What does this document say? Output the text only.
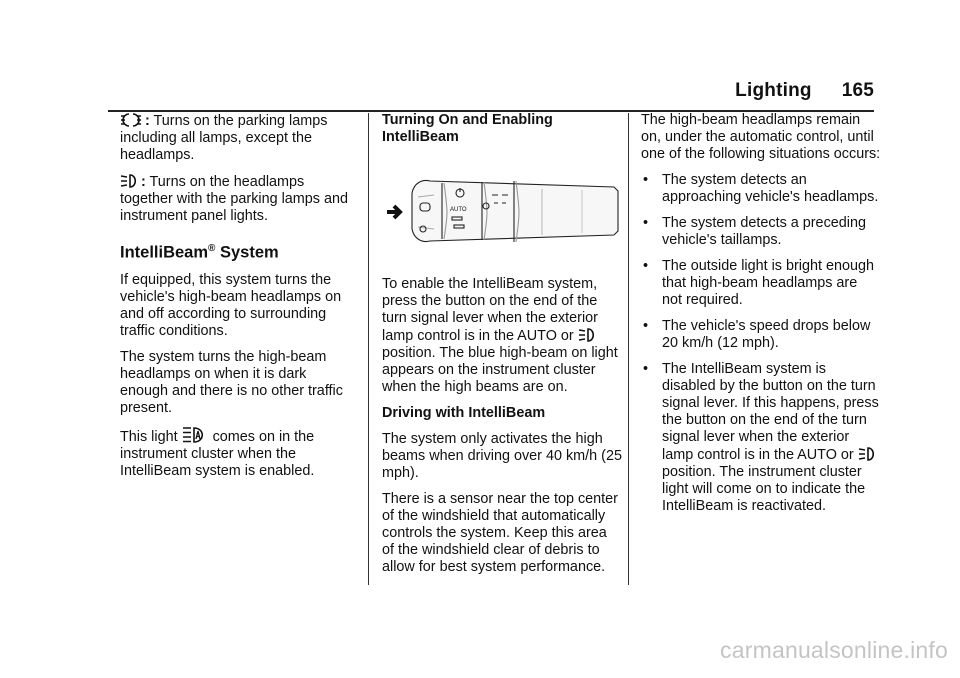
Lighting 165

: Turns on the parking lamps including all lamps, except the headlamps.

: Turns on the headlamps together with the parking lamps and instrument panel lights.

IntelliBeam® System

If equipped, this system turns the vehicle's high-beam headlamps on and off according to surrounding traffic conditions.

The system turns the high-beam headlamps on when it is dark enough and there is no other traffic present.

This light comes on in the instrument cluster when the IntelliBeam system is enabled.

Turning On and Enabling IntelliBeam
AUTO

To enable the IntelliBeam system, press the button on the end of the turn signal lever when the exterior lamp control is in the AUTO or  position. The blue high-beam on light appears on the instrument cluster when the high beams are on.

Driving with IntelliBeam

The system only activates the high beams when driving over 40 km/h (25 mph).

There is a sensor near the top center of the windshield that automatically controls the system. Keep this area of the windshield clear of debris to allow for best system performance.

The high-beam headlamps remain on, under the automatic control, until one of the following situations occurs:

• The system detects an approaching vehicle's headlamps.
• The system detects a preceding vehicle's taillamps.
• The outside light is bright enough that high-beam headlamps are not required.
• The vehicle's speed drops below 20 km/h (12 mph).
• The IntelliBeam system is disabled by the button on the turn signal lever. If this happens, press the button on the end of the turn signal lever when the exterior lamp control is in the AUTO or position. The instrument cluster light will come on to indicate the IntelliBeam is reactivated.
carmanualsonline.info
